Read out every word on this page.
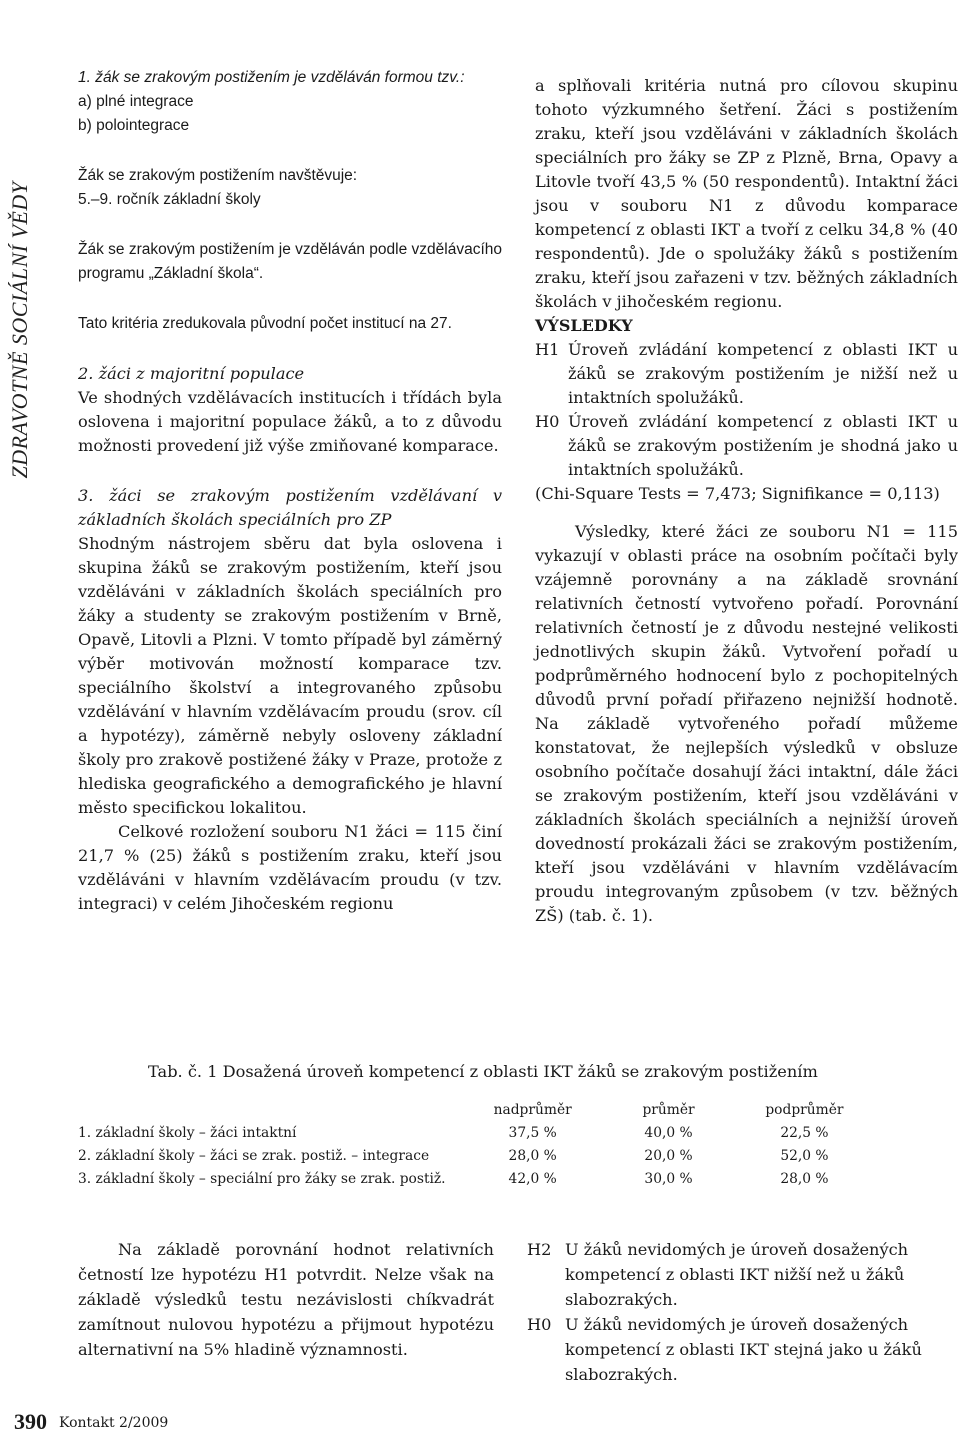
ZDRAVOTNĚ SOCIÁLNÍ VĚDY

1. žák se zrakovým postižením je vzděláván formou tzv.:

a) plné integrace

b) polointegrace

Žák se zrakovým postižením navštěvuje:

5.–9. ročník základní školy

Žák se zrakovým postižením je vzděláván podle vzdělávacího programu „Základní škola“.

Tato kritéria zredukovala původní počet institucí na 27.

2. žáci z majoritní populace

Ve shodných vzdělávacích institucích i třídách byla oslovena i majoritní populace žáků, a to z důvodu možnosti provedení již výše zmiňované komparace.

3. žáci se zrakovým postižením vzdělávaní v základních školách speciálních pro ZP

Shodným nástrojem sběru dat byla oslovena i skupina žáků se zrakovým postižením, kteří jsou vzděláváni v základních školách speciálních pro žáky a studenty se zrakovým postižením v Brně, Opavě, Litovli a Plzni. V tomto případě byl záměrný výběr motivován možností komparace tzv. speciálního školství a integrovaného způsobu vzdělávání v hlavním vzdělávacím proudu (srov. cíl a hypotézy), záměrně nebyly osloveny základní školy pro zrakově postižené žáky v Praze, protože z hlediska geografického a demografického je hlavní město specifickou lokalitou.

Celkové rozložení souboru N1 žáci = 115 činí 21,7 % (25) žáků s postižením zraku, kteří jsou vzděláváni v hlavním vzdělávacím proudu (v tzv. integraci) v celém Jihočeském regionu

a splňovali kritéria nutná pro cílovou skupinu tohoto výzkumného šetření. Žáci s postižením zraku, kteří jsou vzděláváni v základních školách speciálních pro žáky se ZP z Plzně, Brna, Opavy a Litovle tvoří 43,5 % (50 respondentů). Intaktní žáci jsou v souboru N1 z důvodu komparace kompetencí z oblasti IKT a tvoří z celku 34,8 % (40 respondentů). Jde o spolužáky žáků s postižením zraku, kteří jsou zařazeni v tzv. běžných základních školách v jihočeském regionu.

VÝSLEDKY

H1 Úroveň zvládání kompetencí z oblasti IKT u žáků se zrakovým postižením je nižší než u intaktních spolužáků.

H0 Úroveň zvládání kompetencí z oblasti IKT u žáků se zrakovým postižením je shodná jako u intaktních spolužáků.

(Chi-Square Tests = 7,473; Signifikance = 0,113)

Výsledky, které žáci ze souboru N1 = 115 vykazují v oblasti práce na osobním počítači byly vzájemně porovnány a na základě srovnání relativních četností vytvořeno pořadí. Porovnání relativních četností je z důvodu nestejné velikosti jednotlivých skupin žáků. Vytvoření pořadí u podprůměrného hodnocení bylo z pochopitelných důvodů první pořadí přiřazeno nejnižší hodnotě. Na základě vytvořeného pořadí můžeme konstatovat, že nejlepších výsledků v obsluze osobního počítače dosahují žáci intaktní, dále žáci se zrakovým postižením, kteří jsou vzděláváni v základních školách speciálních a nejnižší úroveň dovedností prokázali žáci se zrakovým postižením, kteří jsou vzděláváni v hlavním vzdělávacím proudu integrovaným způsobem (v tzv. běžných ZŠ) (tab. č. 1).

Tab. č. 1 Dosažená úroveň kompetencí z oblasti IKT žáků se zrakovým postižením
	nadprůměr	průměr	podprůměr
1. základní školy – žáci intaktní	37,5 %	40,0 %	22,5 %
2. základní školy – žáci se zrak. postiž. – integrace	28,0 %	20,0 %	52,0 %
3. základní školy – speciální pro žáky se zrak. postiž.	42,0 %	30,0 %	28,0 %

Na základě porovnání hodnot relativních četností lze hypotézu H1 potvrdit. Nelze však na základě výsledků testu nezávislosti chíkvadrát zamítnout nulovou hypotézu a přijmout hypotézu alternativní na 5% hladině významnosti.

H2 U žáků nevidomých je úroveň dosažených kompetencí z oblasti IKT nižší než u žáků slabozrakých.

H0 U žáků nevidomých je úroveň dosažených kompetencí z oblasti IKT stejná jako u žáků slabozrakých.

390 Kontakt 2/2009
